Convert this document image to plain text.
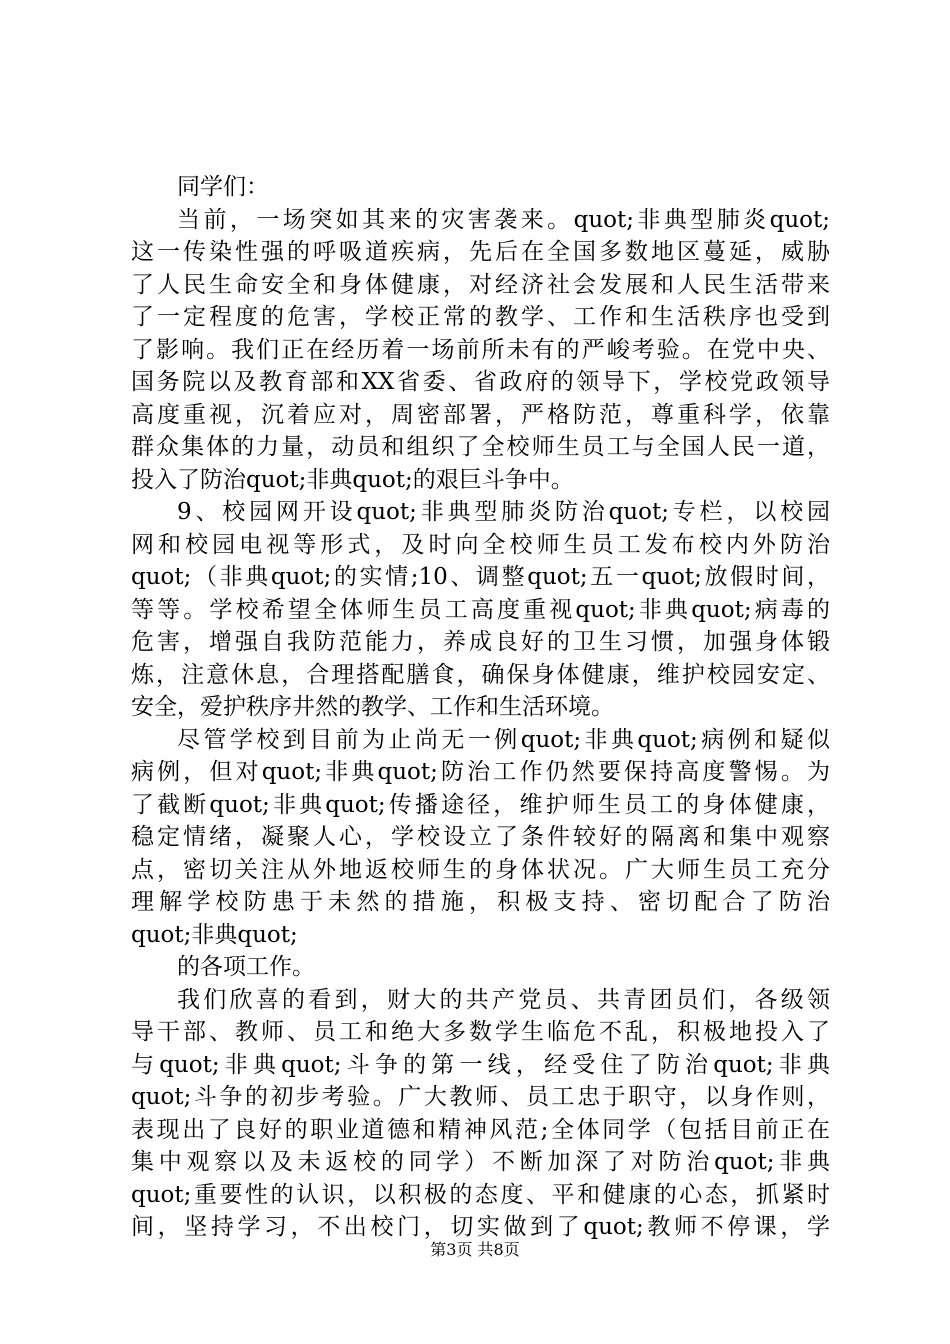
同学们：
当前，一场突如其来的灾害袭来。quot;非典型肺炎quot;
这一传染性强的呼吸道疾病，先后在全国多数地区蔓延，威胁
了人民生命安全和身体健康，对经济社会发展和人民生活带来
了一定程度的危害，学校正常的教学、工作和生活秩序也受到
了影响。我们正在经历着一场前所未有的严峻考验。在党中央、
国务院以及教育部和XX省委、省政府的领导下，学校党政领导
高度重视，沉着应对，周密部署，严格防范，尊重科学，依靠
群众集体的力量，动员和组织了全校师生员工与全国人民一道，
投入了防治quot;非典quot;的艰巨斗争中。
9、校园网开设quot;非典型肺炎防治quot;专栏，以校园
网和校园电视等形式，及时向全校师生员工发布校内外防治
quot;（非典quot;的实情;10、调整quot;五一quot;放假时间，
等等。学校希望全体师生员工高度重视quot;非典quot;病毒的
危害，增强自我防范能力，养成良好的卫生习惯，加强身体锻
炼，注意休息，合理搭配膳食，确保身体健康，维护校园安定、
安全，爱护秩序井然的教学、工作和生活环境。
尽管学校到目前为止尚无一例quot;非典quot;病例和疑似
病例，但对quot;非典quot;防治工作仍然要保持高度警惕。为
了截断quot;非典quot;传播途径，维护师生员工的身体健康，
稳定情绪，凝聚人心，学校设立了条件较好的隔离和集中观察
点，密切关注从外地返校师生的身体状况。广大师生员工充分
理解学校防患于未然的措施，积极支持、密切配合了防治
quot;非典quot;
的各项工作。
我们欣喜的看到，财大的共产党员、共青团员们，各级领
导干部、教师、员工和绝大多数学生临危不乱，积极地投入了
与quot;非典quot;斗争的第一线，经受住了防治quot;非典
quot;斗争的初步考验。广大教师、员工忠于职守，以身作则，
表现出了良好的职业道德和精神风范;全体同学（包括目前正在
集中观察以及未返校的同学）不断加深了对防治quot;非典
quot;重要性的认识，以积极的态度、平和健康的心态，抓紧时
间，坚持学习，不出校门，切实做到了quot;教师不停课，学
第3页 共8页
